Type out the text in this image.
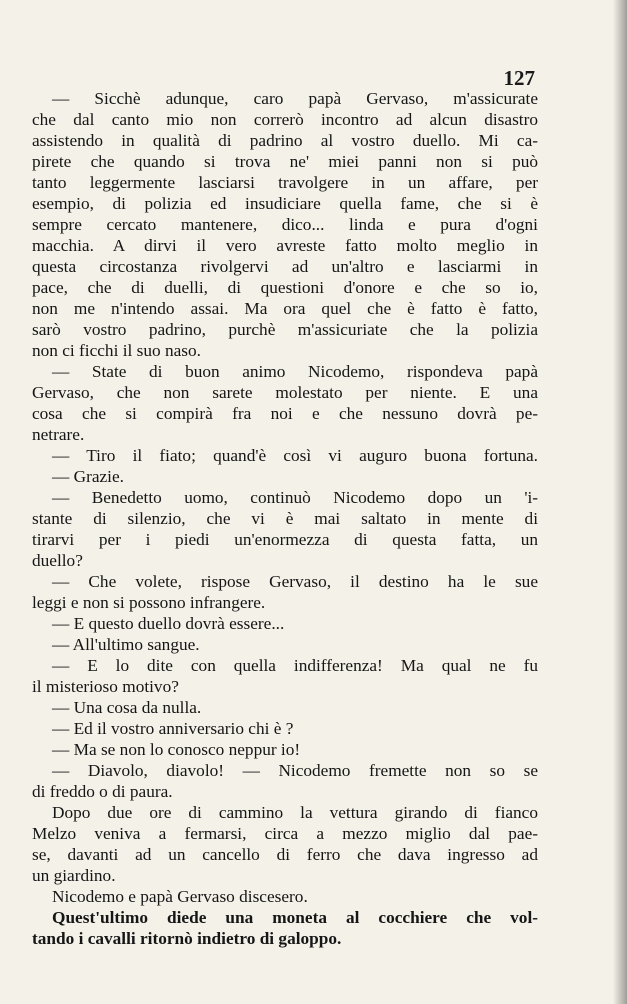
127
— Sicchè adunque, caro papà Gervaso, m'assicurate
che dal canto mio non correrò incontro ad alcun disastro
assistendo in qualità di padrino al vostro duello. Mi ca-
pirete che quando si trova ne' miei panni non si può
tanto leggermente lasciarsi travolgere in un affare, per
esempio, di polizia ed insudiciare quella fame, che si è
sempre cercato mantenere, dico... linda e pura d'ogni
macchia. A dirvi il vero avreste fatto molto meglio in
questa circostanza rivolgervi ad un'altro e lasciarmi in
pace, che di duelli, di questioni d'onore e che so io,
non me n'intendo assai. Ma ora quel che è fatto è fatto,
sarò vostro padrino, purchè m'assicuriate che la polizia
non ci ficchi il suo naso.
— State di buon animo Nicodemo, rispondeva papà
Gervaso, che non sarete molestato per niente. E una
cosa che si compirà fra noi e che nessuno dovrà pe-
netrare.
— Tiro il fiato; quand'è così vi auguro buona fortuna.
— Grazie.
— Benedetto uomo, continuò Nicodemo dopo un 'i-
stante di silenzio, che vi è mai saltato in mente di
tirarvi per i piedi un'enormezza di questa fatta, un
duello?
— Che volete, rispose Gervaso, il destino ha le sue
leggi e non si possono infrangere.
— E questo duello dovrà essere...
— All'ultimo sangue.
— E lo dite con quella indifferenza! Ma qual ne fu
il misterioso motivo?
— Una cosa da nulla.
— Ed il vostro anniversario chi è ?
— Ma se non lo conosco neppur io!
— Diavolo, diavolo! — Nicodemo fremette non so se
di freddo o di paura.
Dopo due ore di cammino la vettura girando di fianco
Melzo veniva a fermarsi, circa a mezzo miglio dal pae-
se, davanti ad un cancello di ferro che dava ingresso ad
un giardino.
Nicodemo e papà Gervaso discesero.
Quest'ultimo diede una moneta al cocchiere che vol-
tando i cavalli ritornò indietro di galoppo.
